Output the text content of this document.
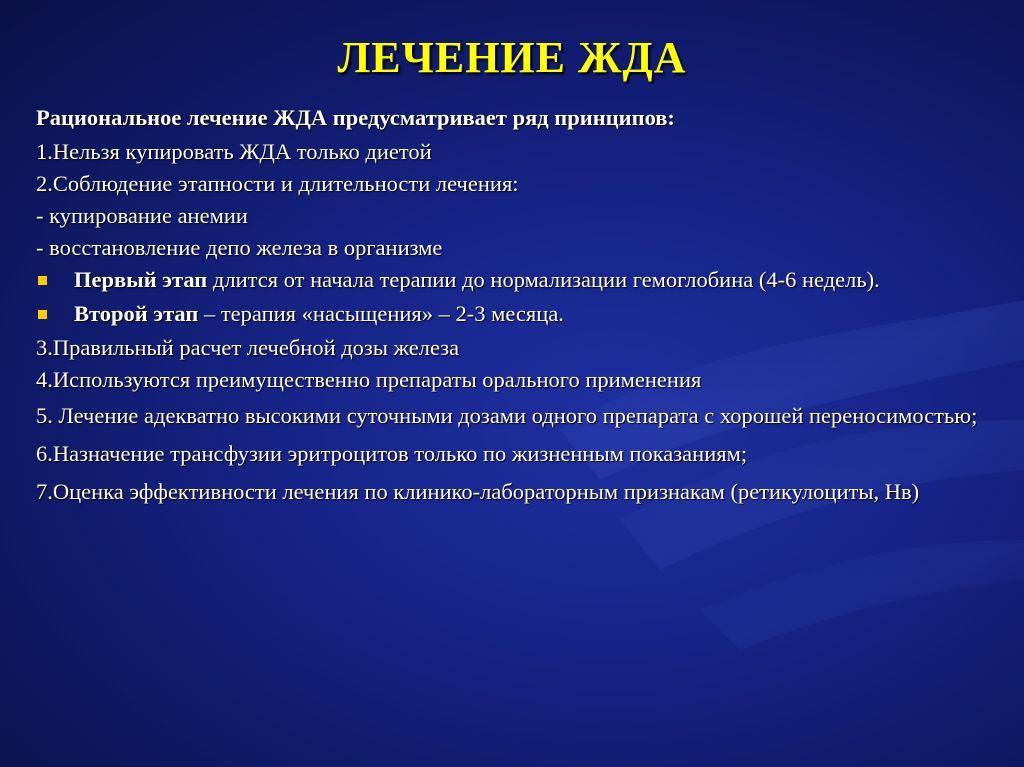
ЛЕЧЕНИЕ ЖДА
Рациональное лечение ЖДА предусматривает ряд принципов:
1.Нельзя купировать ЖДА только диетой
2.Соблюдение этапности и длительности лечения:
- купирование анемии
- восстановление депо железа в организме
Первый этап длится от начала терапии до нормализации гемоглобина (4-6 недель).
Второй этап – терапия «насыщения» – 2-3 месяца.
3.Правильный расчет лечебной дозы железа
4.Используются преимущественно препараты орального применения
5. Лечение адекватно высокими суточными дозами одного препарата с хорошей переносимостью;
6.Назначение трансфузии эритроцитов только по жизненным показаниям;
7.Оценка эффективности лечения по клинико-лабораторным признакам (ретикулоциты, Нв)
